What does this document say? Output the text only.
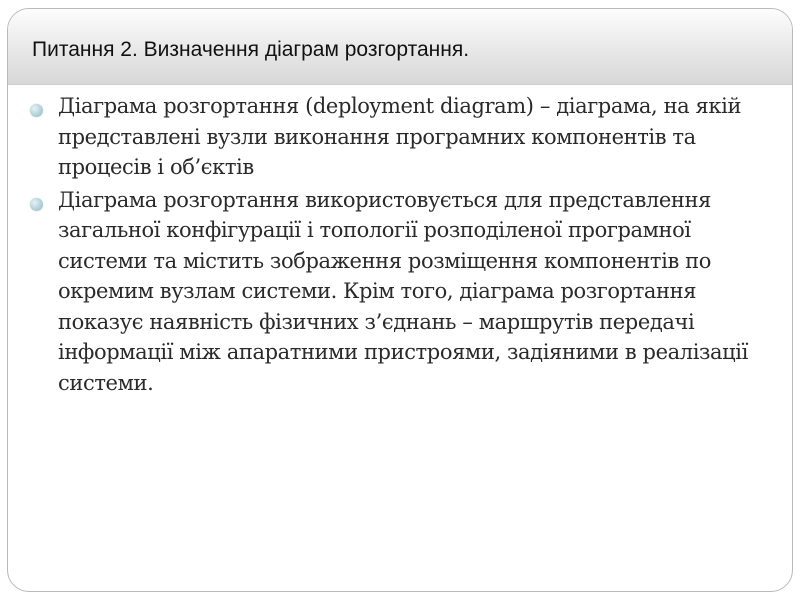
Питання 2. Визначення діаграм розгортання.
Діаграма розгортання (deployment diagram) – діаграма, на якій представлені вузли виконання програмних компонентів та процесів і об’єктів
Діаграма розгортання використовується для представлення загальної конфігурації і топології розподіленої програмної системи та містить зображення розміщення компонентів по окремим вузлам системи. Крім того, діаграма розгортання показує наявність фізичних з’єднань – маршрутів передачі інформації між апаратними пристроями, задіяними в реалізації системи.
